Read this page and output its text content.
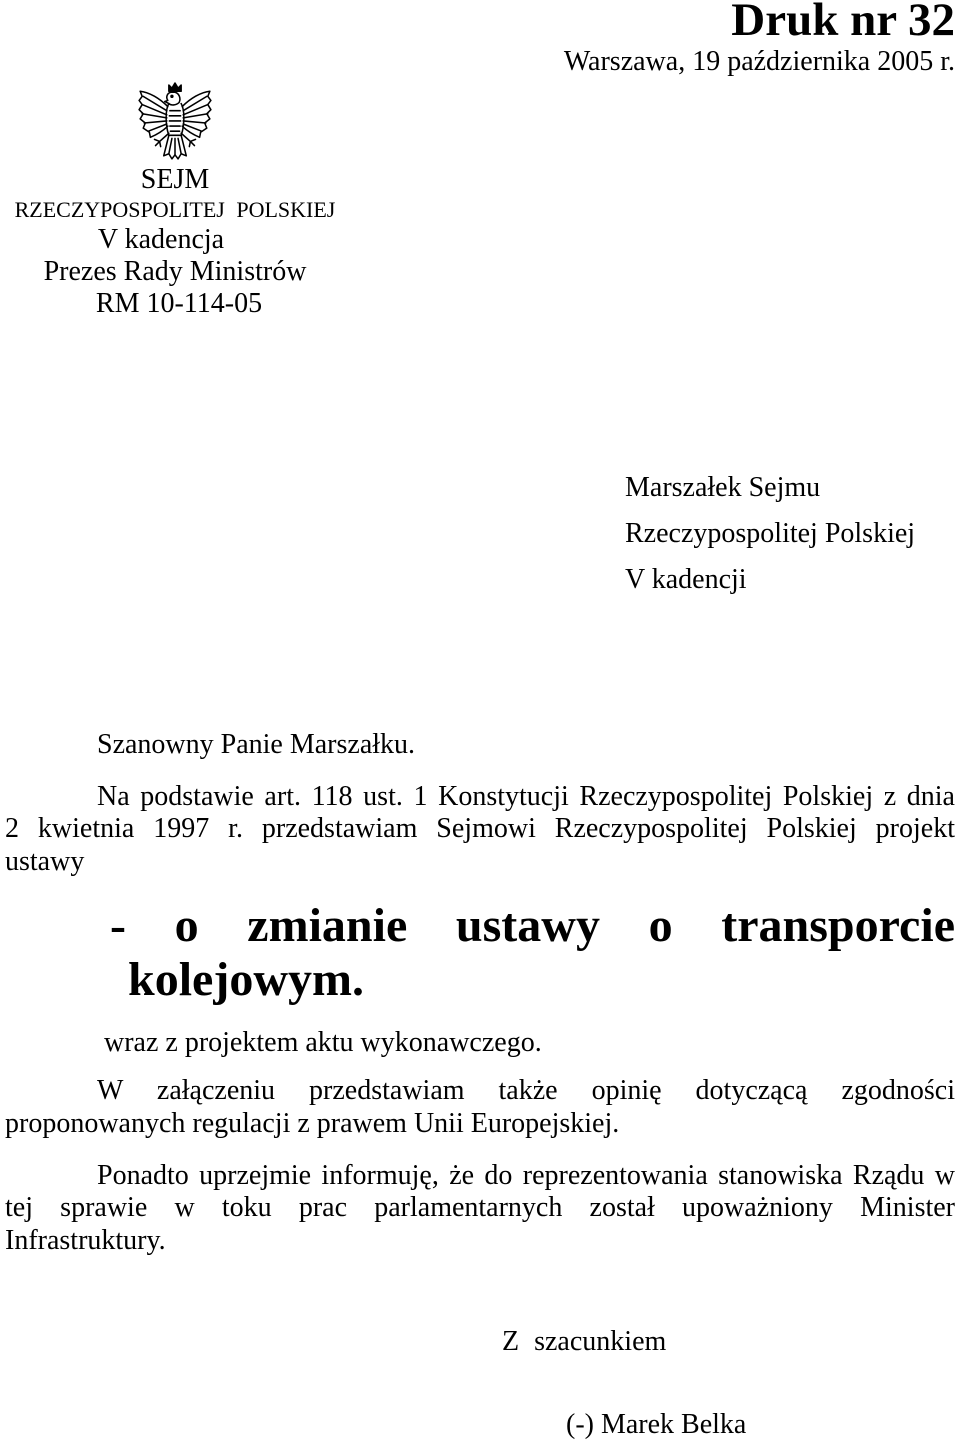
Druk nr 32
Warszawa, 19 października 2005 r.
SEJM
RZECZYPOSPOLITEJ POLSKIEJ
V kadencja
Prezes Rady Ministrów
RM 10-114-05
Marszałek Sejmu
Rzeczypospolitej Polskiej
V kadencji
Szanowny Panie Marszałku.
Na podstawie art. 118 ust. 1 Konstytucji Rzeczypospolitej Polskiej z dnia
2 kwietnia 1997 r. przedstawiam Sejmowi Rzeczypospolitej Polskiej projekt
ustawy
- o zmianie ustawy o transporcie
kolejowym.
wraz z projektem aktu wykonawczego.
W załączeniu przedstawiam także opinię dotyczącą zgodności
proponowanych regulacji z prawem Unii Europejskiej.
Ponadto uprzejmie informuję, że do reprezentowania stanowiska Rządu w
tej sprawie w toku prac parlamentarnych został upoważniony Minister
Infrastruktury.
Z szacunkiem
(-) Marek Belka
